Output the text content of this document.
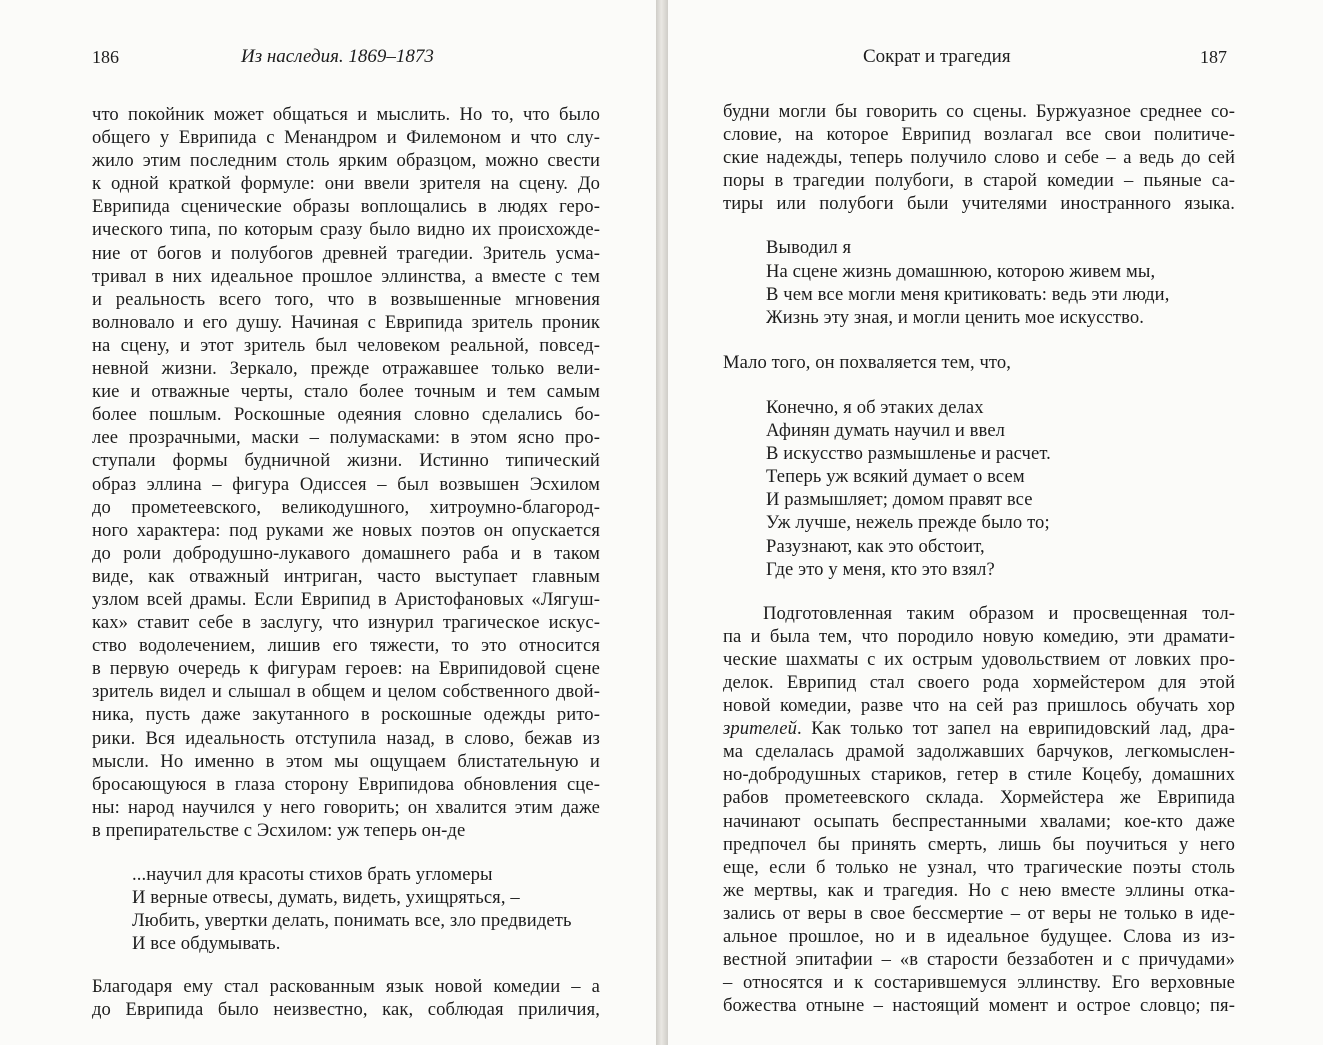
186	Из наследия. 1869–1873

что покойник может общаться и мыслить. Но то, что было
общего у Еврипида с Менандром и Филемоном и что слу-
жило этим последним столь ярким образцом, можно свести
к одной краткой формуле: они ввели зрителя на сцену. До
Еврипида сценические образы воплощались в людях геро-
ического типа, по которым сразу было видно их происхожде-
ние от богов и полубогов древней трагедии. Зритель усма-
тривал в них идеальное прошлое эллинства, а вместе с тем
и реальность всего того, что в возвышенные мгновения
волновало и его душу. Начиная с Еврипида зритель проник
на сцену, и этот зритель был человеком реальной, повсед-
невной жизни. Зеркало, прежде отражавшее только вели-
кие и отважные черты, стало более точным и тем самым
более пошлым. Роскошные одеяния словно сделались бо-
лее прозрачными, маски – полумасками: в этом ясно про-
ступали формы будничной жизни. Истинно типический
образ эллина – фигура Одиссея – был возвышен Эсхилом
до прометеевского, великодушного, хитроумно-благород-
ного характера: под руками же новых поэтов он опускается
до роли добродушно-лукавого домашнего раба и в таком
виде, как отважный интриган, часто выступает главным
узлом всей драмы. Если Еврипид в Аристофановых «Лягуш-
ках» ставит себе в заслугу, что изнурил трагическое искус-
ство водолечением, лишив его тяжести, то это относится
в первую очередь к фигурам героев: на Еврипидовой сцене
зритель видел и слышал в общем и целом собственного двой-
ника, пусть даже закутанного в роскошные одежды рито-
рики. Вся идеальность отступила назад, в слово, бежав из
мысли. Но именно в этом мы ощущаем блистательную и
бросающуюся в глаза сторону Еврипидова обновления сце-
ны: народ научился у него говорить; он хвалится этим даже
в препирательстве с Эсхилом: уж теперь он-де

...научил для красоты стихов брать угломеры
И верные отвесы, думать, видеть, ухищряться, –
Любить, увертки делать, понимать все, зло предвидеть
И все обдумывать.

Благодаря ему стал раскованным язык новой комедии – а
до Еврипида было неизвестно, как, соблюдая приличия,

Сократ и трагедия	187

будни могли бы говорить со сцены. Буржуазное среднее со-
словие, на которое Еврипид возлагал все свои политиче-
ские надежды, теперь получило слово и себе – а ведь до сей
поры в трагедии полубоги, в старой комедии – пьяные са-
тиры или полубоги были учителями иностранного языка.

Выводил я
На сцене жизнь домашнюю, которою живем мы,
В чем все могли меня критиковать: ведь эти люди,
Жизнь эту зная, и могли ценить мое искусство.

Мало того, он похваляется тем, что,

Конечно, я об этаких делах
Афинян думать научил и ввел
В искусство размышленье и расчет.
Теперь уж всякий думает о всем
И размышляет; домом правят все
Уж лучше, нежель прежде было то;
Разузнают, как это обстоит,
Где это у меня, кто это взял?

Подготовленная таким образом и просвещенная тол-
па и была тем, что породило новую комедию, эти драмати-
ческие шахматы с их острым удовольствием от ловких про-
делок. Еврипид стал своего рода хормейстером для этой
новой комедии, разве что на сей раз пришлось обучать хор
зрителей. Как только тот запел на еврипидовский лад, дра-
ма сделалась драмой задолжавших барчуков, легкомыслен-
но-добродушных стариков, гетер в стиле Коцебу, домашних
рабов прометеевского склада. Хормейстера же Еврипида
начинают осыпать беспрестанными хвалами; кое-кто даже
предпочел бы принять смерть, лишь бы поучиться у него
еще, если б только не узнал, что трагические поэты столь
же мертвы, как и трагедия. Но с нею вместе эллины отка-
зались от веры в свое бессмертие – от веры не только в иде-
альное прошлое, но и в идеальное будущее. Слова из из-
вестной эпитафии – «в старости беззаботен и с причудами»
– относятся и к состарившемуся эллинству. Его верховные
божества отныне – настоящий момент и острое словцо; пя-
